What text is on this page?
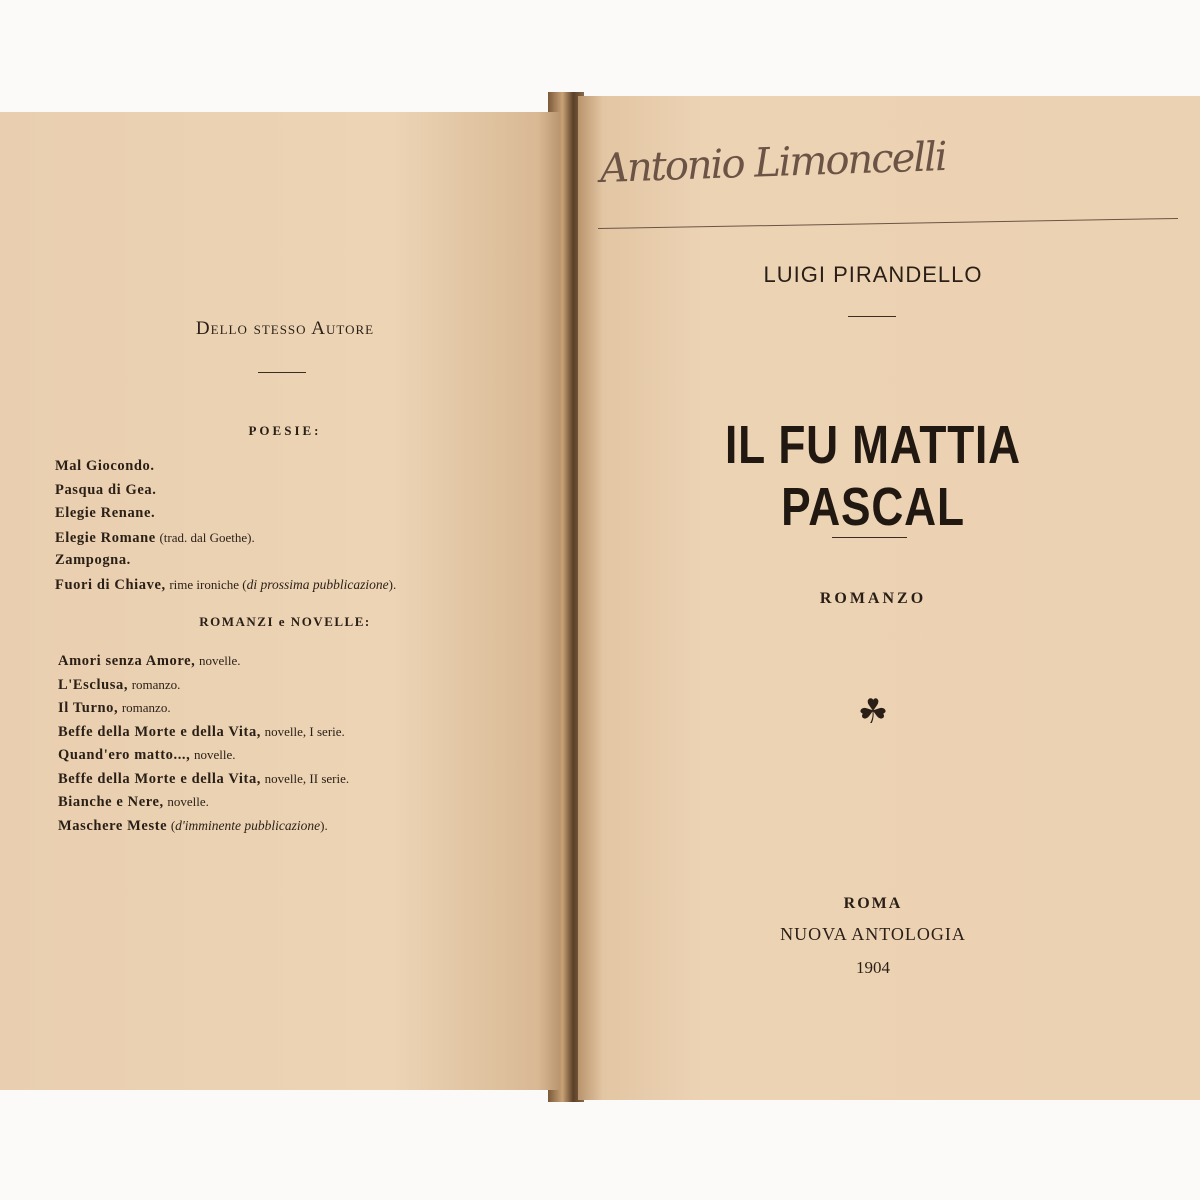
Dello stesso Autore
POESIE:
Mal Giocondo.
Pasqua di Gea.
Elegie Renane.
Elegie Romane (trad. dal Goethe).
Zampogna.
Fuori di Chiave, rime ironiche (di prossima pubblicazione).
ROMANZI e NOVELLE:
Amori senza Amore, novelle.
L'Esclusa, romanzo.
Il Turno, romanzo.
Beffe della Morte e della Vita, novelle, I serie.
Quand'ero matto..., novelle.
Beffe della Morte e della Vita, novelle, II serie.
Bianche e Nere, novelle.
Maschere Meste (d'imminente pubblicazione).
Antonio Limoncelli
LUIGI PIRANDELLO
IL FU MATTIA PASCAL
ROMANZO
☘
ROMA
NUOVA ANTOLOGIA
1904
